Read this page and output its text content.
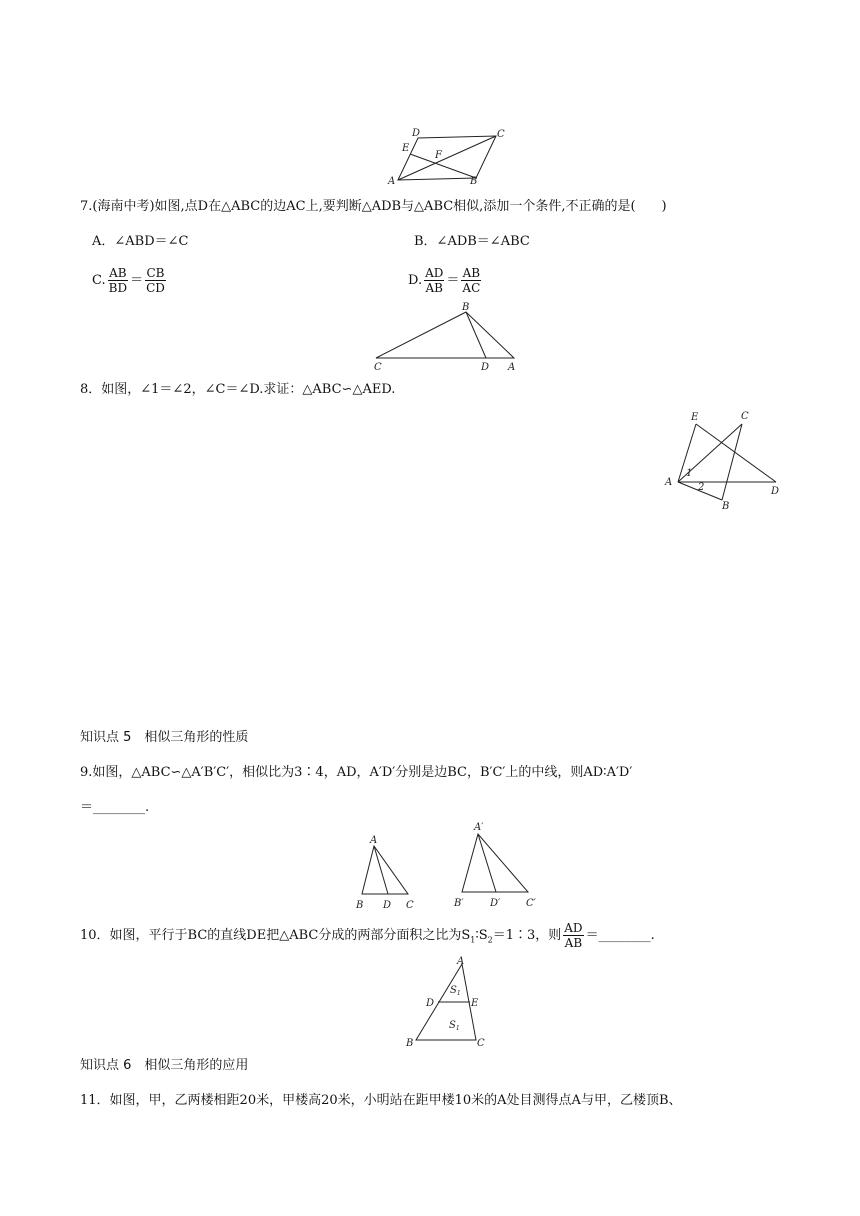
D	C
E
F
A	B
7.(海南中考)如图,点D在△ABC的边AC上,要判断△ADB与△ABC相似,添加一个条件,不正确的是(　　)
A．∠ABD＝∠C	B．∠ADB＝∠ABC
C. $\frac{AB}{BD} = \frac{CB}{CD}$	D. $\frac{AD}{AB} = \frac{AB}{AC}$
B
C	D A
8．如图，∠1＝∠2，∠C＝∠D.求证：△ABC∽△AED.
E	C
A
D
B
1
2
知识点 5　相似三角形的性质
9.如图，△ABC∽△A′B′C′，相似比为3∶4，AD，A′D′分别是边BC，B′C′上的中线，则AD∶A′D′
＝________.
A
B D C
A′
B′	D′	C′
10．如图，平行于BC的直线DE把△ABC分成的两部分面积之比为$S_1∶S_2=1∶3$，则 $\frac{AD}{AB}$ ＝________.
A
D	E
B	C
$S_1$
$S_1$
知识点 6　相似三角形的应用
11．如图，甲，乙两楼相距20米，甲楼高20米，小明站在距甲楼10米的A处目测得点A与甲，乙楼顶B、
